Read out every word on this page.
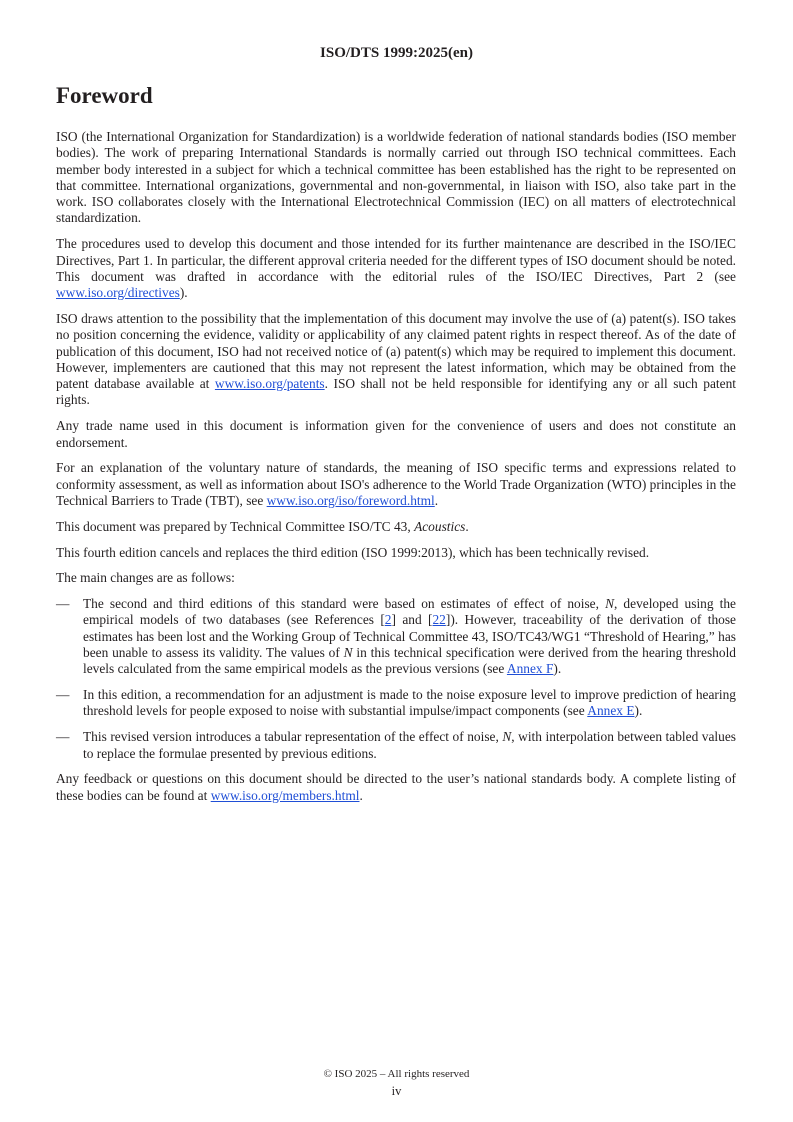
ISO/DTS 1999:2025(en)
Foreword

ISO (the International Organization for Standardization) is a worldwide federation of national standards bodies (ISO member bodies). The work of preparing International Standards is normally carried out through ISO technical committees. Each member body interested in a subject for which a technical committee has been established has the right to be represented on that committee. International organizations, governmental and non-governmental, in liaison with ISO, also take part in the work. ISO collaborates closely with the International Electrotechnical Commission (IEC) on all matters of electrotechnical standardization.

The procedures used to develop this document and those intended for its further maintenance are described in the ISO/IEC Directives, Part 1. In particular, the different approval criteria needed for the different types of ISO document should be noted. This document was drafted in accordance with the editorial rules of the ISO/IEC Directives, Part 2 (see www.iso.org/directives).

ISO draws attention to the possibility that the implementation of this document may involve the use of (a) patent(s). ISO takes no position concerning the evidence, validity or applicability of any claimed patent rights in respect thereof. As of the date of publication of this document, ISO had not received notice of (a) patent(s) which may be required to implement this document. However, implementers are cautioned that this may not represent the latest information, which may be obtained from the patent database available at www.iso.org/patents. ISO shall not be held responsible for identifying any or all such patent rights.

Any trade name used in this document is information given for the convenience of users and does not constitute an endorsement.

For an explanation of the voluntary nature of standards, the meaning of ISO specific terms and expressions related to conformity assessment, as well as information about ISO's adherence to the World Trade Organization (WTO) principles in the Technical Barriers to Trade (TBT), see www.iso.org/iso/foreword.html.

This document was prepared by Technical Committee ISO/TC 43, Acoustics.

This fourth edition cancels and replaces the third edition (ISO 1999:2013), which has been technically revised.

The main changes are as follows:

— The second and third editions of this standard were based on estimates of effect of noise, N, developed using the empirical models of two databases (see References [2] and [22]). However, traceability of the derivation of those estimates has been lost and the Working Group of Technical Committee 43, ISO/TC43/WG1 “Threshold of Hearing,” has been unable to assess its validity. The values of N in this technical specification were derived from the hearing threshold levels calculated from the same empirical models as the previous versions (see Annex F).
— In this edition, a recommendation for an adjustment is made to the noise exposure level to improve prediction of hearing threshold levels for people exposed to noise with substantial impulse/impact components (see Annex E).
— This revised version introduces a tabular representation of the effect of noise, N, with interpolation between tabled values to replace the formulae presented by previous editions.

Any feedback or questions on this document should be directed to the user’s national standards body. A complete listing of these bodies can be found at www.iso.org/members.html.

© ISO 2025 – All rights reserved
iv
